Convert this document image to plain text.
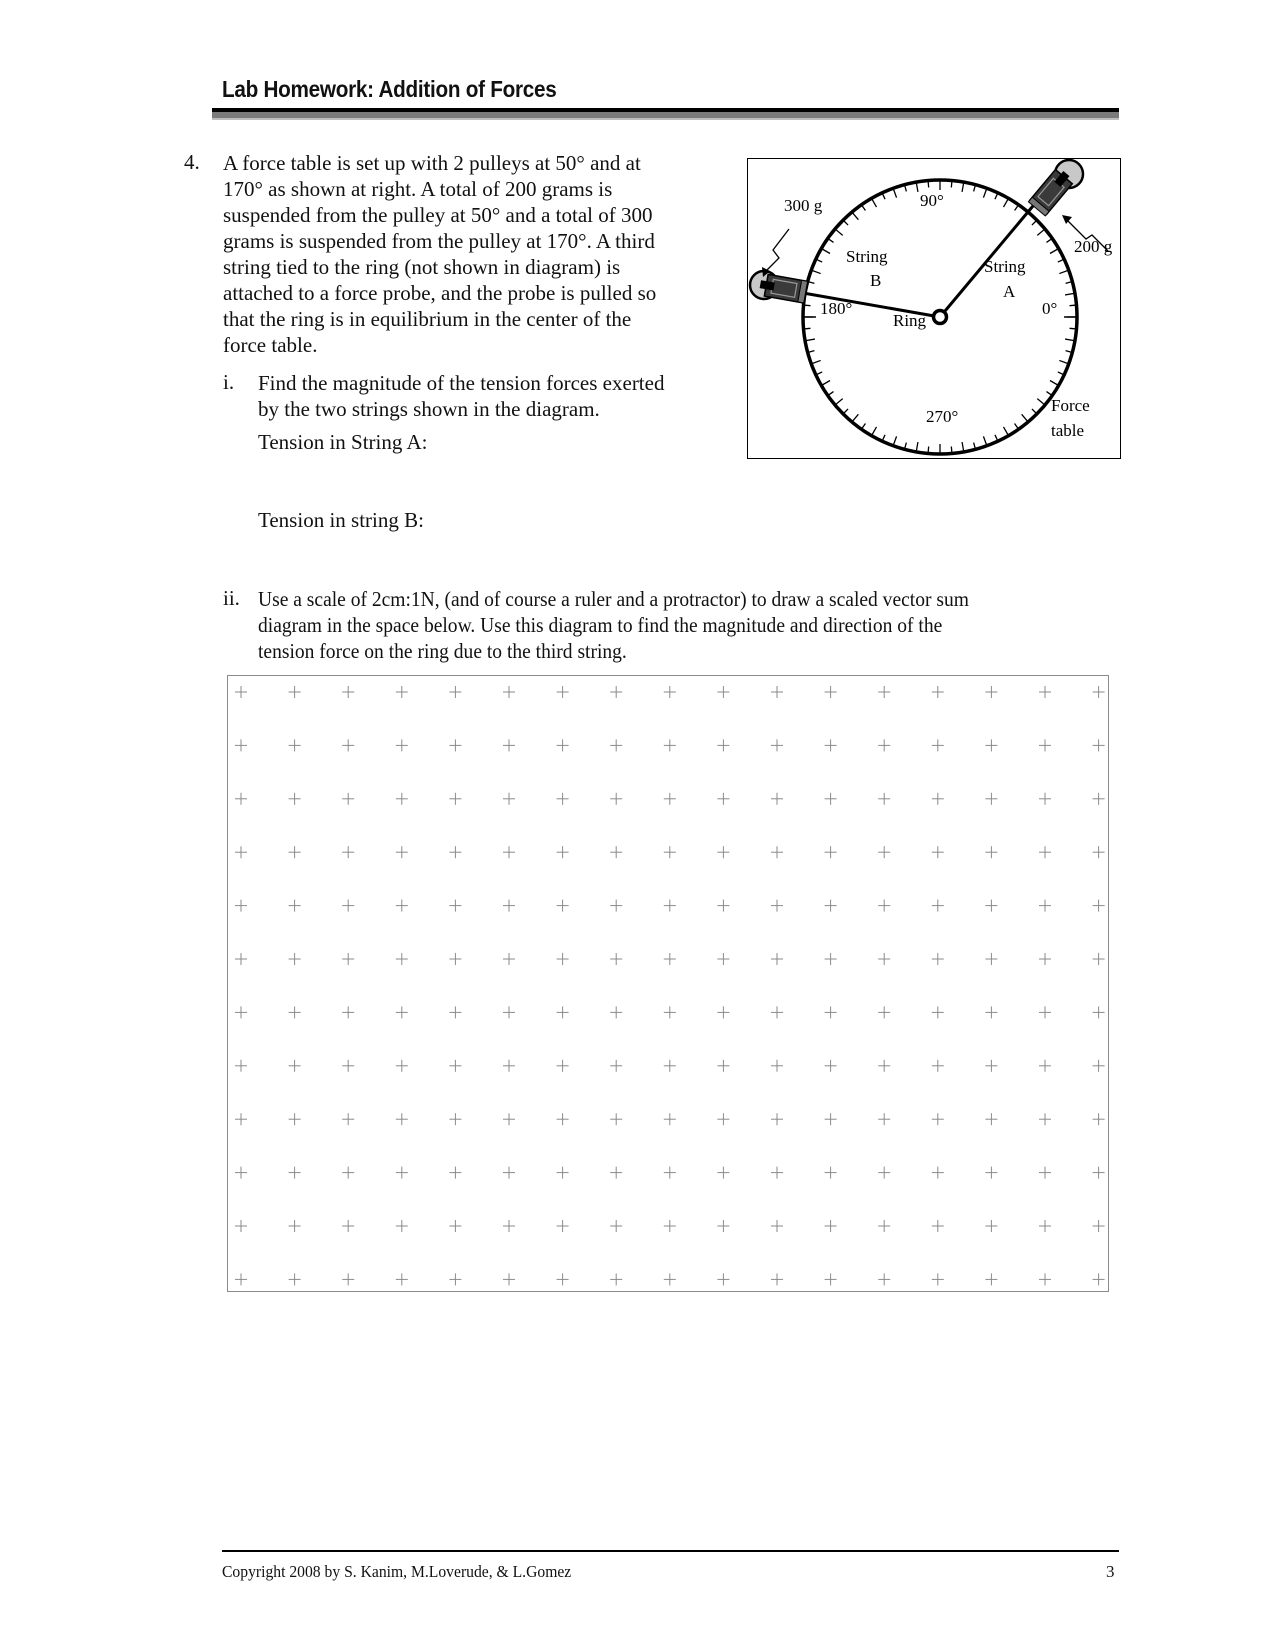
Lab Homework: Addition of Forces
4. A force table is set up with 2 pulleys at 50° and at
170° as shown at right. A total of 200 grams is
suspended from the pulley at 50° and a total of 300
grams is suspended from the pulley at 170°. A third
string tied to the ring (not shown in diagram) is
attached to a force probe, and the probe is pulled so
that the ring is in equilibrium in the center of the
force table.
i. Find the magnitude of the tension forces exerted
by the two strings shown in the diagram.
Tension in String A:
Tension in string B:
ii. Use a scale of 2cm:1N, (and of course a ruler and a protractor) to draw a scaled vector sum
diagram in the space below. Use this diagram to find the magnitude and direction of the
tension force on the ring due to the third string.
300 g
200 g
90°
0°
180°
270°
String
B
String
A
Ring
Force
table
Copyright 2008 by S. Kanim, M.Loverude, & L.Gomez	3
